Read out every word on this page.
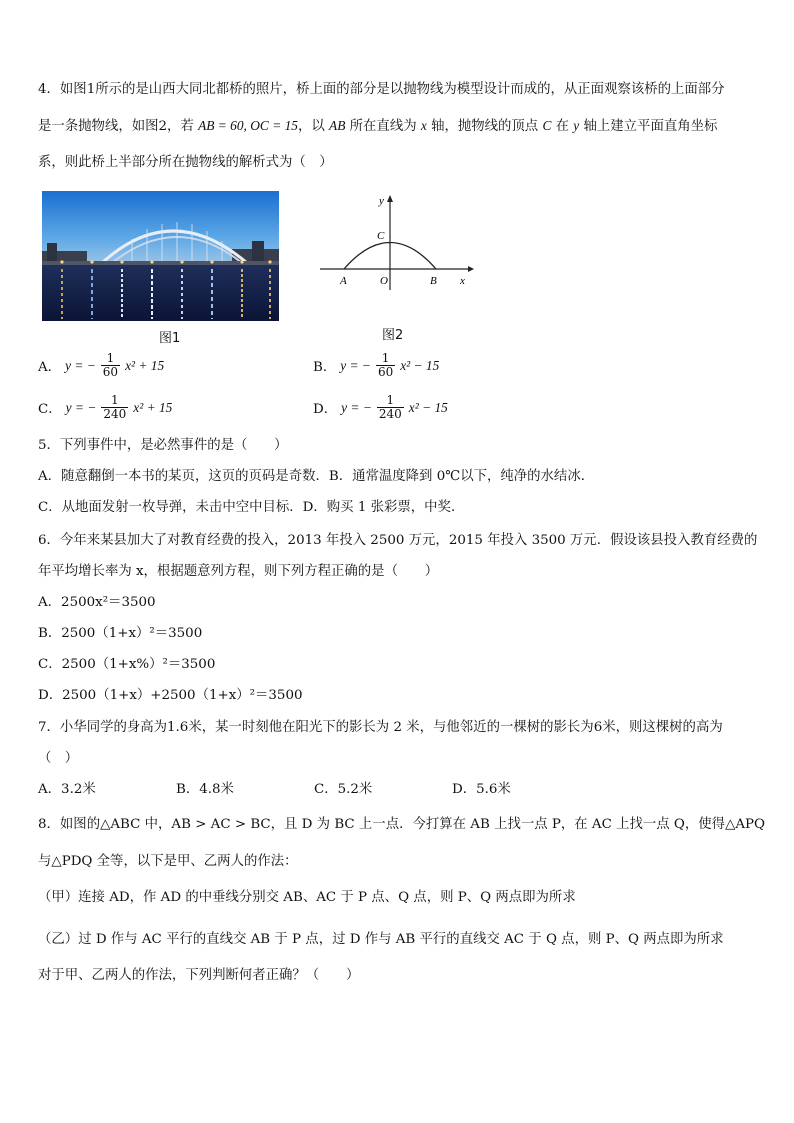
4．如图1所示的是山西大同北都桥的照片，桥上面的部分是以抛物线为模型设计而成的，从正面观察该桥的上面部分
是一条抛物线，如图2，若 AB = 60, OC = 15，以 AB 所在直线为 x 轴，抛物线的顶点 C 在 y 轴上建立平面直角坐标
系，则此桥上半部分所在抛物线的解析式为（　）
图1
y
C
A	O	B x
图2
A． y = − $\frac{1}{60} x^2 + 15$	B． y = − $\frac{1}{60} x^2 - 15$
C． y = − $\frac{1}{240} x^2 + 15$	D． y = − $\frac{1}{240} x^2 - 15$
5．下列事件中，是必然事件的是（　　）
A．随意翻倒一本书的某页，这页的页码是奇数．B．通常温度降到 0℃以下，纯净的水结冰．
C．从地面发射一枚导弹，未击中空中目标．D．购买 1 张彩票，中奖．
6．今年来某县加大了对教育经费的投入，2013 年投入 2500 万元，2015 年投入 3500 万元．假设该县投入教育经费的
年平均增长率为 x，根据题意列方程，则下列方程正确的是（　　）
A．2500x²＝3500
B．2500（1+x）²＝3500
C．2500（1+x%）²＝3500
D．2500（1+x）+2500（1+x）²＝3500
7．小华同学的身高为1.6米，某一时刻他在阳光下的影长为 2 米，与他邻近的一棵树的影长为6米，则这棵树的高为
（　）
A．3.2米	B．4.8米	C．5.2米	D．5.6米
8．如图的△ABC 中，AB > AC > BC，且 D 为 BC 上一点．今打算在 AB 上找一点 P，在 AC 上找一点 Q，使得△APQ
与△PDQ 全等，以下是甲、乙两人的作法：
（甲）连接 AD，作 AD 的中垂线分别交 AB、AC 于 P 点、Q 点，则 P、Q 两点即为所求
（乙）过 D 作与 AC 平行的直线交 AB 于 P 点，过 D 作与 AB 平行的直线交 AC 于 Q 点，则 P、Q 两点即为所求
对于甲、乙两人的作法，下列判断何者正确？（　　）
